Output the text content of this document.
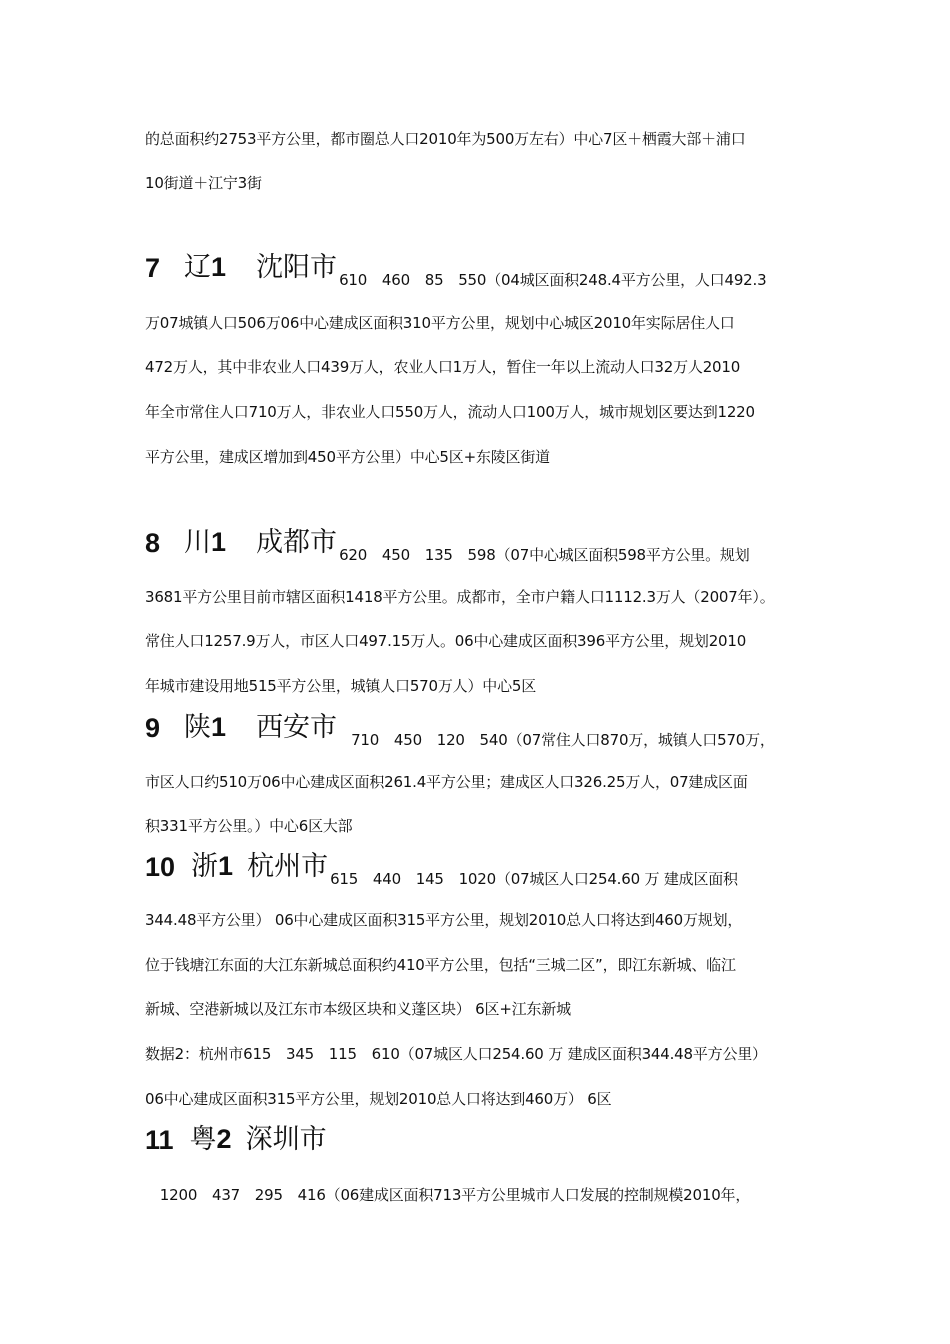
的总面积约2753平方公里，都市圈总人口2010年为500万左右）中心7区＋栖霞大部＋浦口
10街道＋江宁3街
7 辽1 沈阳市 610　460　85　550（04城区面积248.4平方公里，人口492.3
万07城镇人口506万06中心建成区面积310平方公里，规划中心城区2010年实际居住人口
472万人，其中非农业人口439万人，农业人口1万人，暂住一年以上流动人口32万人2010
年全市常住人口710万人，非农业人口550万人，流动人口100万人，城市规划区要达到1220
平方公里，建成区增加到450平方公里）中心5区+东陵区街道
8 川1 成都市 620　450　135　598（07中心城区面积598平方公里。规划
3681平方公里目前市辖区面积1418平方公里。成都市，全市户籍人口1112.3万人（2007年）。
常住人口1257.9万人，市区人口497.15万人。06中心建成区面积396平方公里，规划2010
年城市建设用地515平方公里，城镇人口570万人）中心5区
9 陕1 西安市 710　450　120　540（07常住人口870万，城镇人口570万，
市区人口约510万06中心建成区面积261.4平方公里；建成区人口326.25万人，07建成区面
积331平方公里。）中心6区大部
10 浙1 杭州市 615　440　145　1020（07城区人口254.60 万 建成区面积
344.48平方公里） 06中心建成区面积315平方公里，规划2010总人口将达到460万规划，
位于钱塘江东面的大江东新城总面积约410平方公里，包括“三城二区”，即江东新城、临江
新城、空港新城以及江东市本级区块和义蓬区块） 6区+江东新城
数据2：杭州市615　345　115　610（07城区人口254.60 万 建成区面积344.48平方公里）
06中心建成区面积315平方公里，规划2010总人口将达到460万） 6区
11 粤2 深圳市
　1200　437　295　416（06建成区面积713平方公里城市人口发展的控制规模2010年，
